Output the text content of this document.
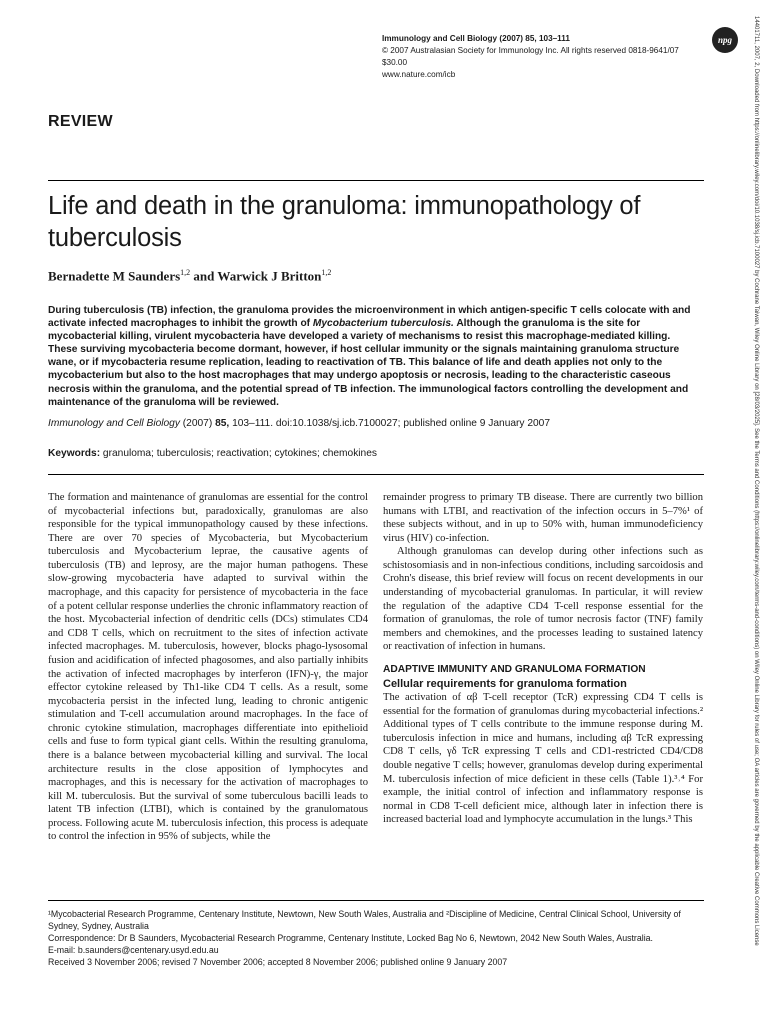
14401711, 2007, 2, Downloaded from https://onlinelibrary.wiley.com/doi/10.1038/sj.icb.7100027 by Cochrane Taiwan, Wiley Online Library on [28/03/2025]. See the Terms and Conditions (https://onlinelibrary.wiley.com/terms-and-conditions) on Wiley Online Library for rules of use; OA articles are governed by the applicable Creative Commons License
Immunology and Cell Biology (2007) 85, 103–111
© 2007 Australasian Society for Immunology Inc. All rights reserved 0818-9641/07 $30.00
www.nature.com/icb
npg
REVIEW
Life and death in the granuloma: immunopathology of tuberculosis
Bernadette M Saunders$^{1,2}$ and Warwick J Britton$^{1,2}$
During tuberculosis (TB) infection, the granuloma provides the microenvironment in which antigen-specific T cells colocate with and activate infected macrophages to inhibit the growth of Mycobacterium tuberculosis. Although the granuloma is the site for mycobacterial killing, virulent mycobacteria have developed a variety of mechanisms to resist this macrophage-mediated killing. These surviving mycobacteria become dormant, however, if host cellular immunity or the signals maintaining granuloma structure wane, or if mycobacteria resume replication, leading to reactivation of TB. This balance of life and death applies not only to the mycobacterium but also to the host macrophages that may undergo apoptosis or necrosis, leading to the characteristic caseous necrosis within the granuloma, and the potential spread of TB infection. The immunological factors controlling the development and maintenance of the granuloma will be reviewed.
Immunology and Cell Biology (2007) 85, 103–111. doi:10.1038/sj.icb.7100027; published online 9 January 2007
Keywords: granuloma; tuberculosis; reactivation; cytokines; chemokines

The formation and maintenance of granulomas are essential for the control of mycobacterial infections but, paradoxically, granulomas are also responsible for the typical immunopathology caused by these infections. There are over 70 species of Mycobacteria, but Mycobacterium tuberculosis and Mycobacterium leprae, the causative agents of tuberculosis (TB) and leprosy, are the major human pathogens. These slow-growing mycobacteria have adapted to survival within the macrophage, and this capacity for persistence of mycobacteria in the face of a potent cellular response underlies the chronic inflammatory reaction of the host. Mycobacterial infection of dendritic cells (DCs) stimulates CD4 and CD8 T cells, which on recruitment to the sites of infection activate infected macrophages. M. tuberculosis, however, blocks phago-lysosomal fusion and acidification of infected phagosomes, and also partially inhibits the activation of infected macrophages by interferon (IFN)-γ, the major effector cytokine released by Th1-like CD4 T cells. As a result, some mycobacteria persist in the infected lung, leading to chronic antigenic stimulation and T-cell accumulation around macrophages. In the face of chronic cytokine stimulation, macrophages differentiate into epithelioid cells and fuse to form typical giant cells. Within the resulting granuloma, there is a balance between mycobacterial killing and survival. The local architecture results in the close apposition of lymphocytes and macrophages, and this is necessary for the activation of macrophages to kill M. tuberculosis. But the survival of some tuberculous bacilli leads to latent TB infection (LTBI), which is contained by the granulomatous process. Following acute M. tuberculosis infection, this process is adequate to control the infection in 95% of subjects, while the

remainder progress to primary TB disease. There are currently two billion humans with LTBI, and reactivation of the infection occurs in 5–7%¹ of these subjects without, and in up to 50% with, human immunodeficiency virus (HIV) co-infection.

Although granulomas can develop during other infections such as schistosomiasis and in non-infectious conditions, including sarcoidosis and Crohn's disease, this brief review will focus on recent developments in our understanding of mycobacterial granulomas. In particular, it will review the regulation of the adaptive CD4 T-cell response essential for the formation of granulomas, the role of tumor necrosis factor (TNF) family members and chemokines, and the processes leading to sustained latency or reactivation of infection in humans.

ADAPTIVE IMMUNITY AND GRANULOMA FORMATION
Cellular requirements for granuloma formation

The activation of αβ T-cell receptor (TcR) expressing CD4 T cells is essential for the formation of granulomas during mycobacterial infections.² Additional types of T cells contribute to the immune response during M. tuberculosis infection in mice and humans, including αβ TcR expressing CD8 T cells, γδ TcR expressing T cells and CD1-restricted CD4/CD8 double negative T cells; however, granulomas develop during experimental M. tuberculosis infection of mice deficient in these cells (Table 1).³˒⁴ For example, the initial control of infection and inflammatory response is normal in CD8 T-cell deficient mice, although later in infection there is increased bacterial load and lymphocyte accumulation in the lungs.³ This

¹Mycobacterial Research Programme, Centenary Institute, Newtown, New South Wales, Australia and ²Discipline of Medicine, Central Clinical School, University of Sydney, Sydney, Australia
Correspondence: Dr B Saunders, Mycobacterial Research Programme, Centenary Institute, Locked Bag No 6, Newtown, 2042 New South Wales, Australia.
E-mail: b.saunders@centenary.usyd.edu.au
Received 3 November 2006; revised 7 November 2006; accepted 8 November 2006; published online 9 January 2007
